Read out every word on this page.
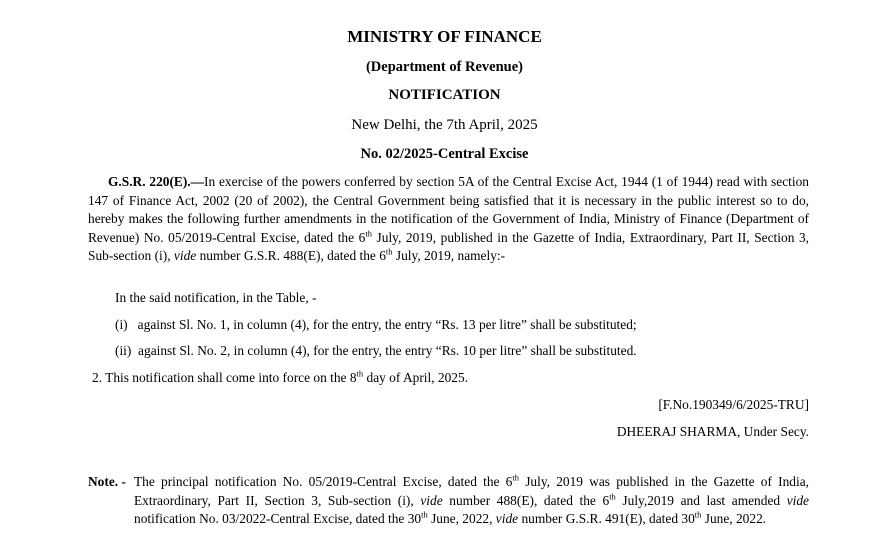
MINISTRY OF FINANCE
(Department of Revenue)
NOTIFICATION
New Delhi, the 7th April, 2025
No. 02/2025-Central Excise
G.S.R. 220(E).—In exercise of the powers conferred by section 5A of the Central Excise Act, 1944 (1 of 1944) read with section 147 of Finance Act, 2002 (20 of 2002), the Central Government being satisfied that it is necessary in the public interest so to do, hereby makes the following further amendments in the notification of the Government of India, Ministry of Finance (Department of Revenue) No. 05/2019-Central Excise, dated the 6th July, 2019, published in the Gazette of India, Extraordinary, Part II, Section 3, Sub-section (i), vide number G.S.R. 488(E), dated the 6th July, 2019, namely:-
In the said notification, in the Table, -
(i)   against Sl. No. 1, in column (4), for the entry, the entry “Rs. 13 per litre” shall be substituted;
(ii)  against Sl. No. 2, in column (4), for the entry, the entry “Rs. 10 per litre” shall be substituted.
2. This notification shall come into force on the 8th day of April, 2025.
[F.No.190349/6/2025-TRU]
DHEERAJ SHARMA, Under Secy.
Note. - The principal notification No. 05/2019-Central Excise, dated the 6th July, 2019 was published in the Gazette of India, Extraordinary, Part II, Section 3, Sub-section (i), vide number 488(E), dated the 6th July,2019 and last amended vide notification No. 03/2022-Central Excise, dated the 30th June, 2022, vide number G.S.R. 491(E), dated 30th June, 2022.
